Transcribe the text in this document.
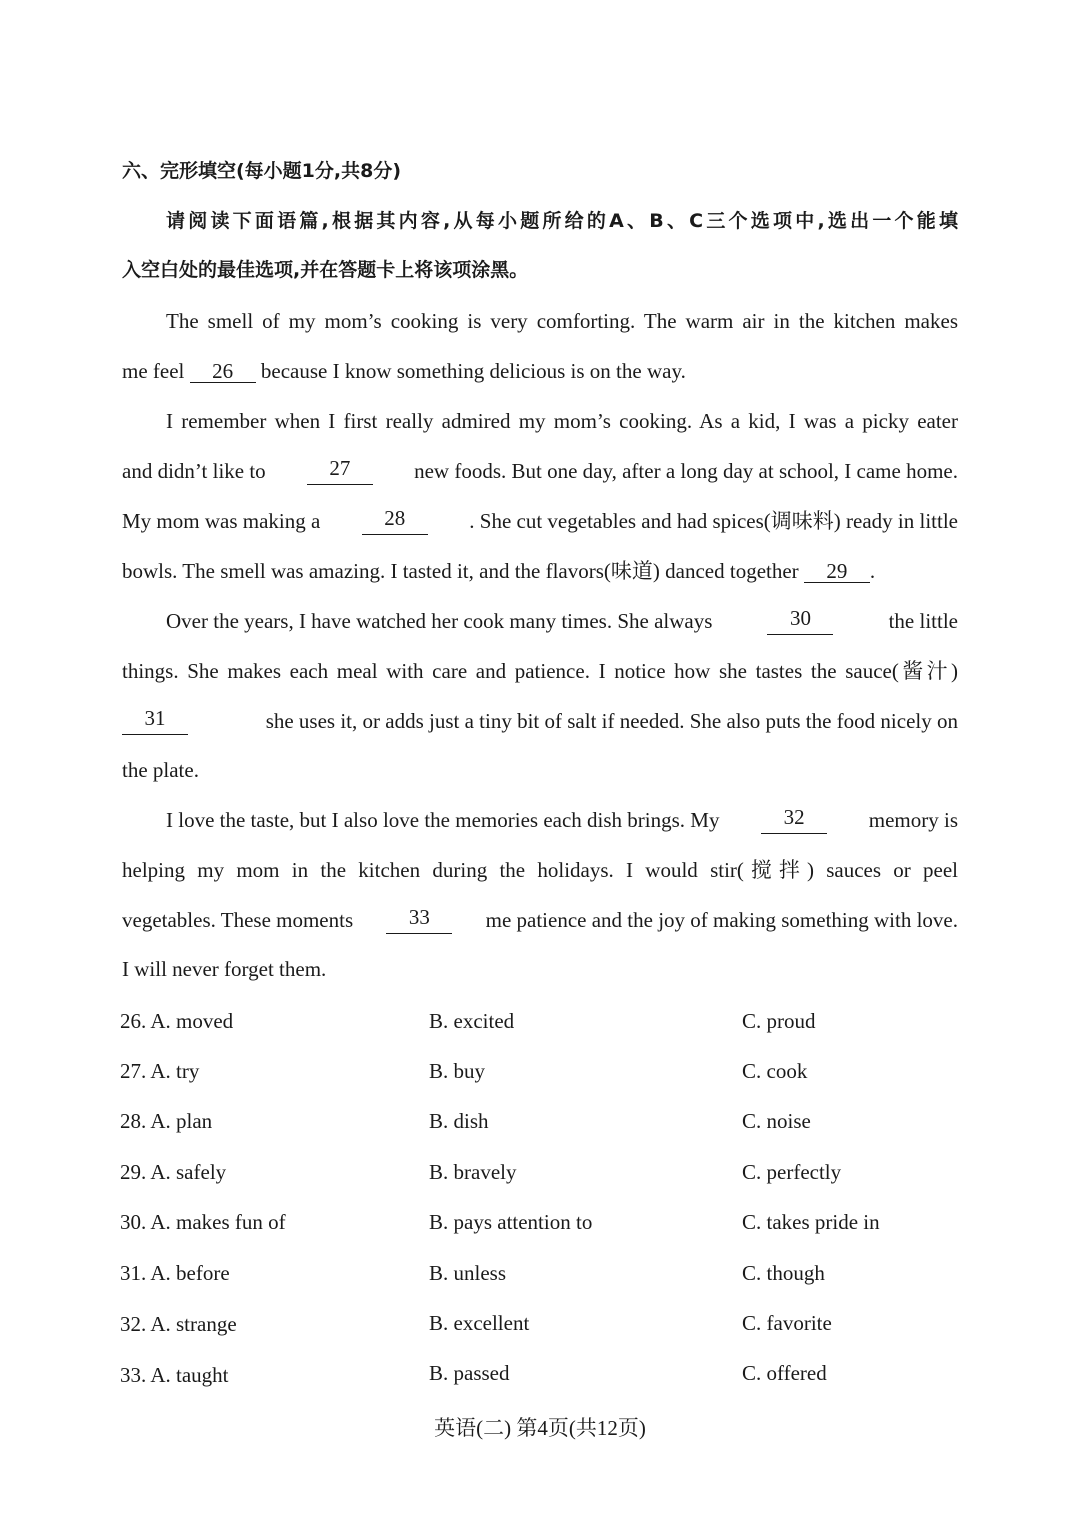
六、完形填空(每小题1分,共8分)
请阅读下面语篇,根据其内容,从每小题所给的A、B、C三个选项中,选出一个能填
入空白处的最佳选项,并在答题卡上将该项涂黑。
The smell of my mom’s cooking is very comforting. The warm air in the kitchen makes
me feel 26 because I know something delicious is on the way.
I remember when I first really admired my mom’s cooking. As a kid, I was a picky eater
and didn’t like to	27	new foods. But one day, after a long day at school, I came home.
My mom was making a	28	. She cut vegetables and had spices(调味料) ready in little
bowls. The smell was amazing. I tasted it, and the flavors(味道) danced together 29 .
Over the years, I have watched her cook many times. She always	30	the little
things. She makes each meal with care and patience. I notice how she tastes the sauce(酱汁)
31	she uses it, or adds just a tiny bit of salt if needed. She also puts the food nicely on
the plate.
I love the taste, but I also love the memories each dish brings. My	32	memory is
helping my mom in the kitchen during the holidays. I would stir(搅拌) sauces or peel
vegetables. These moments	33	me patience and the joy of making something with love.
I will never forget them.
26. A. moved	B. excited	C. proud
27. A. try	B. buy	C. cook
28. A. plan	B. dish	C. noise
29. A. safely	B. bravely	C. perfectly
30. A. makes fun of	B. pays attention to	C. takes pride in
31. A. before	B. unless	C. though
32. A. strange	B. excellent	C. favorite
33. A. taught	B. passed	C. offered
英语(二) 第4页(共12页)
